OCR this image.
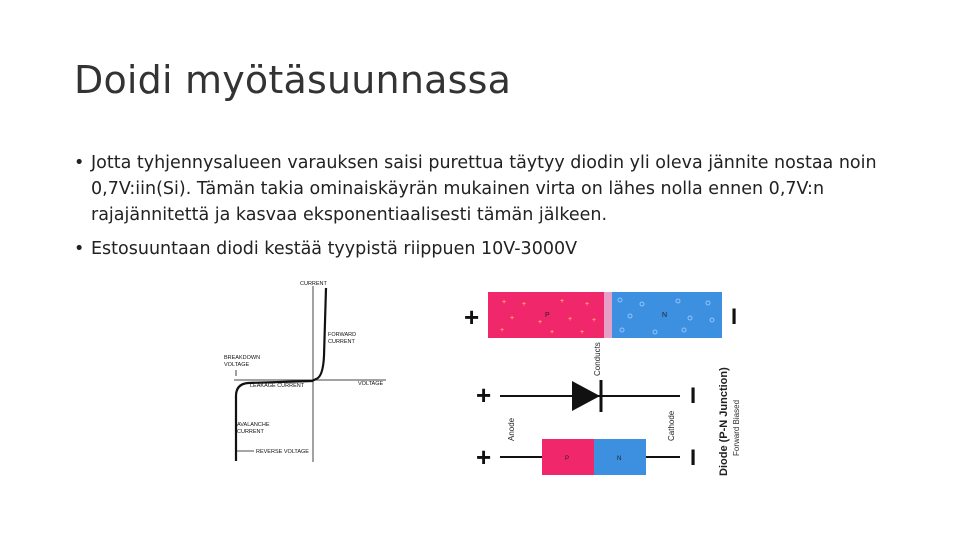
Doidi myötäsuunnassa
• Jotta tyhjennysalueen varauksen saisi purettua täytyy diodin yli oleva jännite nostaa noin 0,7V:iin(Si). Tämän takia ominaiskäyrän mukainen virta on lähes nolla ennen 0,7V:n rajajännitettä ja kasvaa eksponentiaalisesti tämän jälkeen.
• Estosuuntaan diodi kestää tyypistä riippuen 10V-3000V
CURRENT
FORWARD
CURRENT
BREAKDOWN
VOLTAGE
LEAKAGE CURRENT	VOLTAGE
AVALANCHE
CURRENT
REVERSE VOLTAGE
+	+ +	+	+
+
+	+	+
+	+	+
P	N	I
+	I
Conducts
Anode	Cathode
+	P	N	I Diode (P-N Junction) Forward Biased
